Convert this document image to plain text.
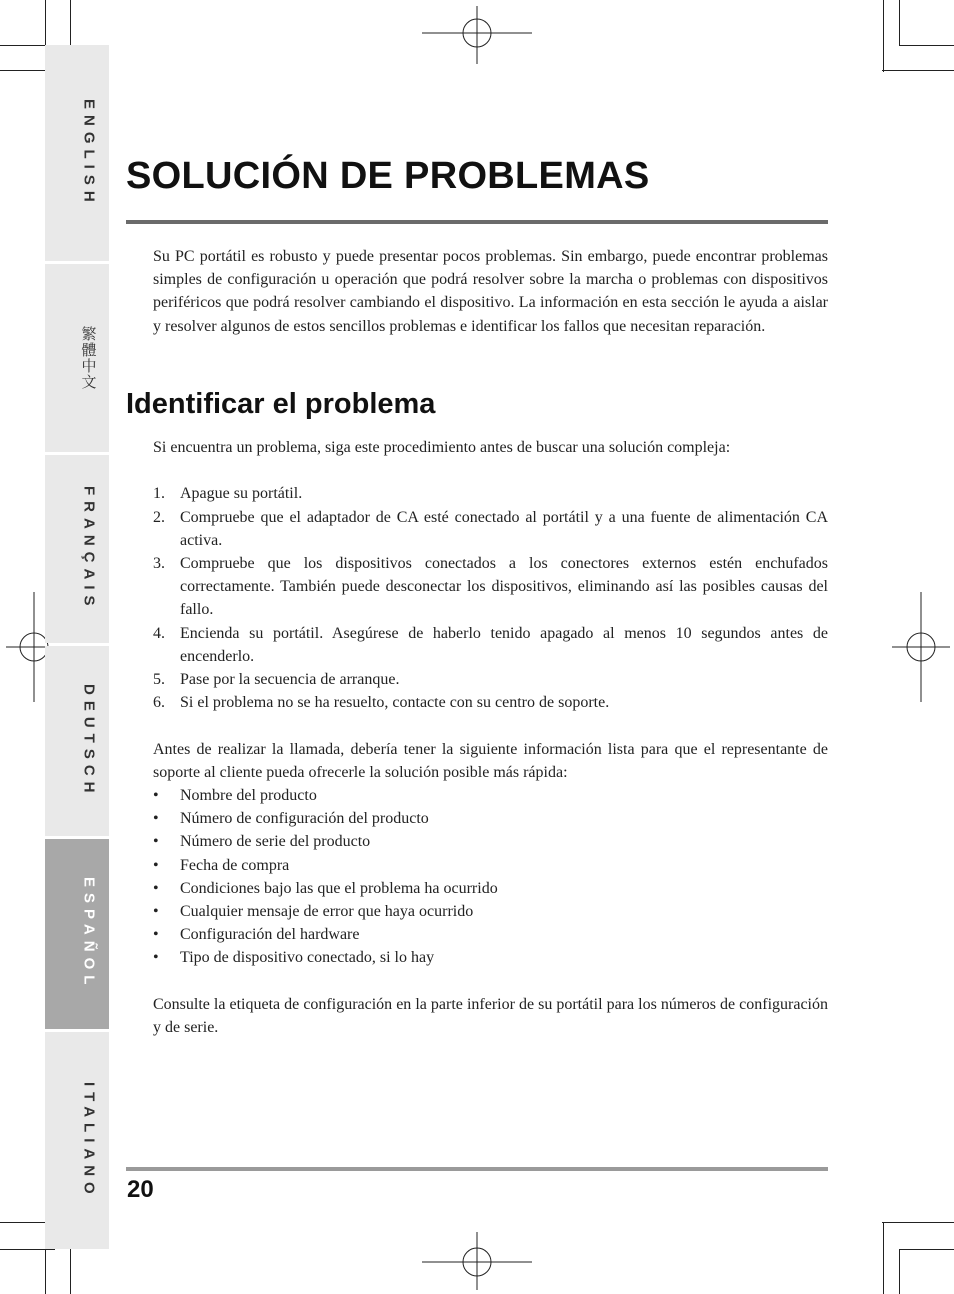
ENGLISH
繁體中文
FRANÇAIS
DEUTSCH
ESPAÑOL
ITALIANO
SOLUCIÓN DE PROBLEMAS

Su PC portátil es robusto y puede presentar pocos problemas. Sin embargo, puede encontrar problemas simples de configuración u operación que podrá resolver sobre la marcha o problemas con dispositivos periféricos que podrá resolver cambiando el dispositivo. La información en esta sección le ayuda a aislar y resolver algunos de estos sencillos problemas e identificar los fallos que necesitan reparación.

Identificar el problema

Si encuentra un problema, siga este procedimiento antes de buscar una solución compleja:

1. Apague su portátil.
2. Compruebe que el adaptador de CA esté conectado al portátil y a una fuente de alimentación CA activa.
3. Compruebe que los dispositivos conectados a los conectores externos estén enchufados correctamente. También puede desconectar los dispositivos, eliminando así las posibles causas del fallo.
4. Encienda su portátil. Asegúrese de haberlo tenido apagado al menos 10 segundos antes de encenderlo.
5. Pase por la secuencia de arranque.
6. Si el problema no se ha resuelto, contacte con su centro de soporte.

Antes de realizar la llamada, debería tener la siguiente información lista para que el representante de soporte al cliente pueda ofrecerle la solución posible más rápida:

• Nombre del producto
• Número de configuración del producto
• Número de serie del producto
• Fecha de compra
• Condiciones bajo las que el problema ha ocurrido
• Cualquier mensaje de error que haya ocurrido
• Configuración del hardware
• Tipo de dispositivo conectado, si lo hay

Consulte la etiqueta de configuración en la parte inferior de su portátil para los números de configuración y de serie.

20
